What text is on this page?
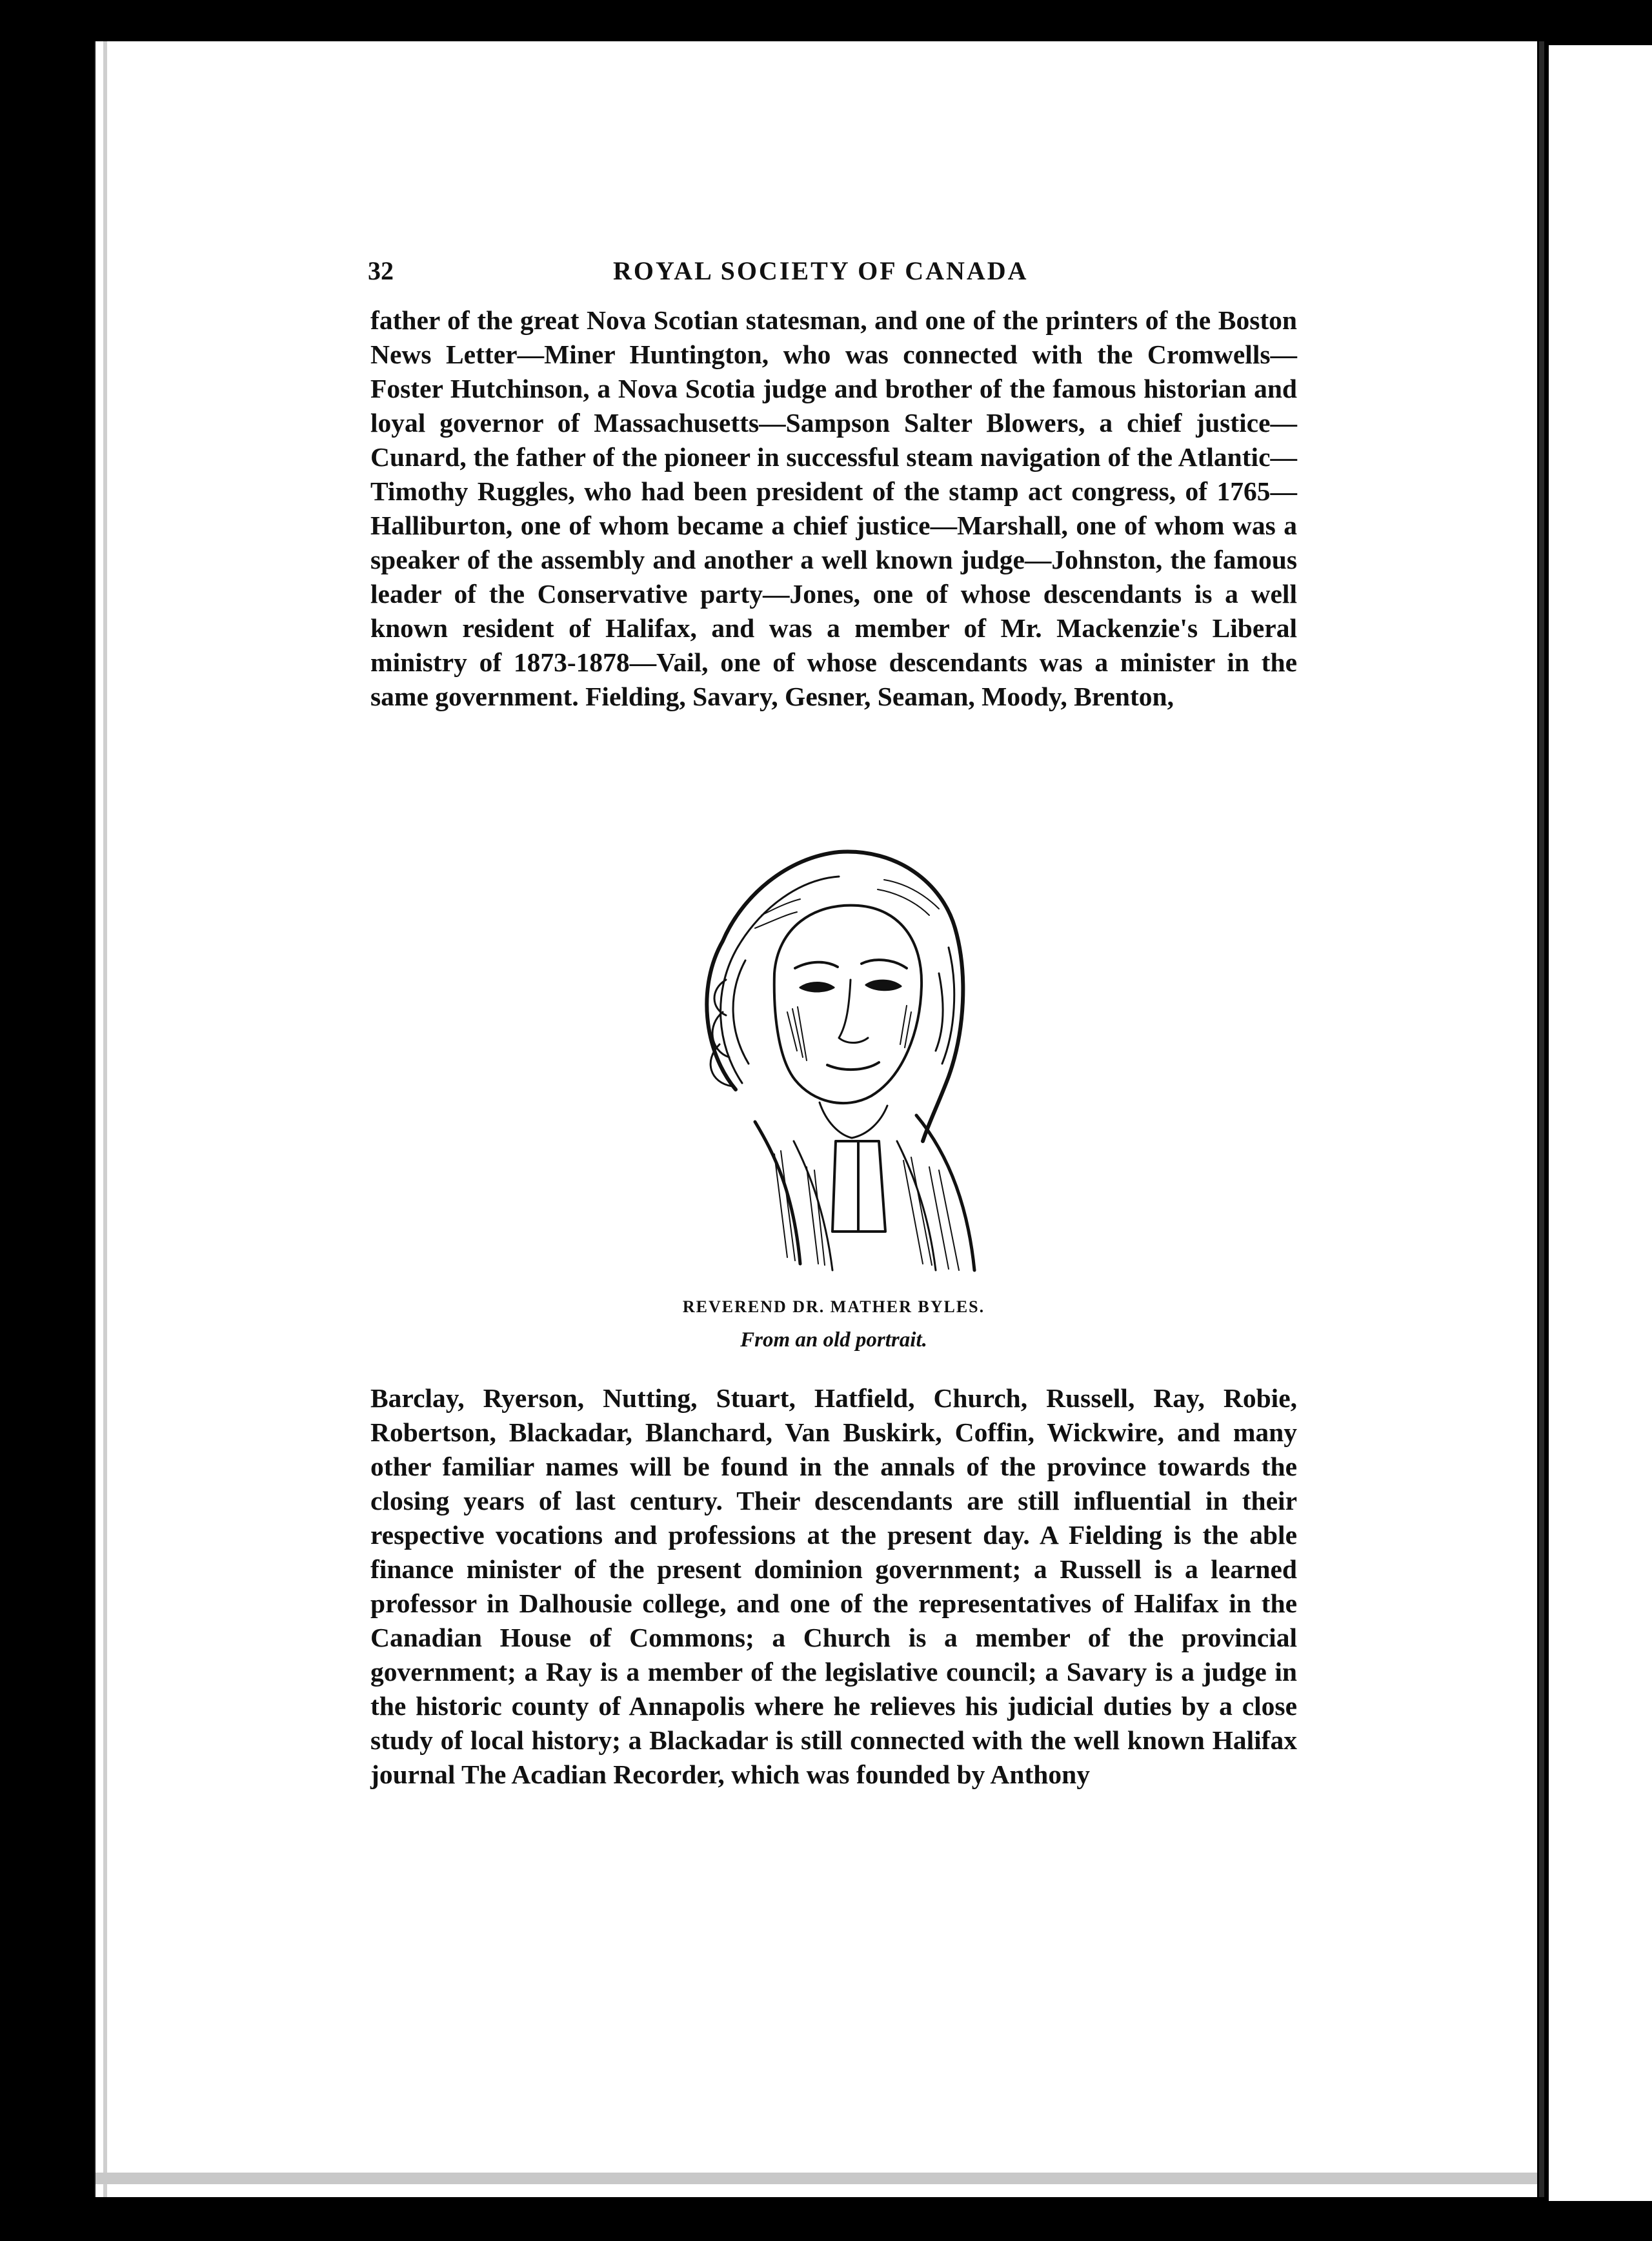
32	ROYAL SOCIETY OF CANADA

father of the great Nova Scotian statesman, and one of the printers of the Boston News Letter—Miner Huntington, who was connected with the Cromwells—Foster Hutchinson, a Nova Scotia judge and brother of the famous historian and loyal governor of Massachusetts—Sampson Salter Blowers, a chief justice—Cunard, the father of the pioneer in successful steam navigation of the Atlantic—Timothy Ruggles, who had been president of the stamp act congress, of 1765—Halliburton, one of whom became a chief justice—Marshall, one of whom was a speaker of the assembly and another a well known judge—Johnston, the famous leader of the Conservative party—Jones, one of whose descendants is a well known resident of Halifax, and was a member of Mr. Mackenzie's Liberal ministry of 1873-1878—Vail, one of whose descendants was a minister in the same government. Fielding, Savary, Gesner, Seaman, Moody, Brenton,

REVEREND DR. MATHER BYLES.
From an old portrait.

Barclay, Ryerson, Nutting, Stuart, Hatfield, Church, Russell, Ray, Robie, Robertson, Blackadar, Blanchard, Van Buskirk, Coffin, Wickwire, and many other familiar names will be found in the annals of the province towards the closing years of last century. Their descendants are still influential in their respective vocations and professions at the present day. A Fielding is the able finance minister of the present dominion government; a Russell is a learned professor in Dalhousie college, and one of the representatives of Halifax in the Canadian House of Commons; a Church is a member of the provincial government; a Ray is a member of the legislative council; a Savary is a judge in the historic county of Annapolis where he relieves his judicial duties by a close study of local history; a Blackadar is still connected with the well known Halifax journal The Acadian Recorder, which was founded by Anthony
